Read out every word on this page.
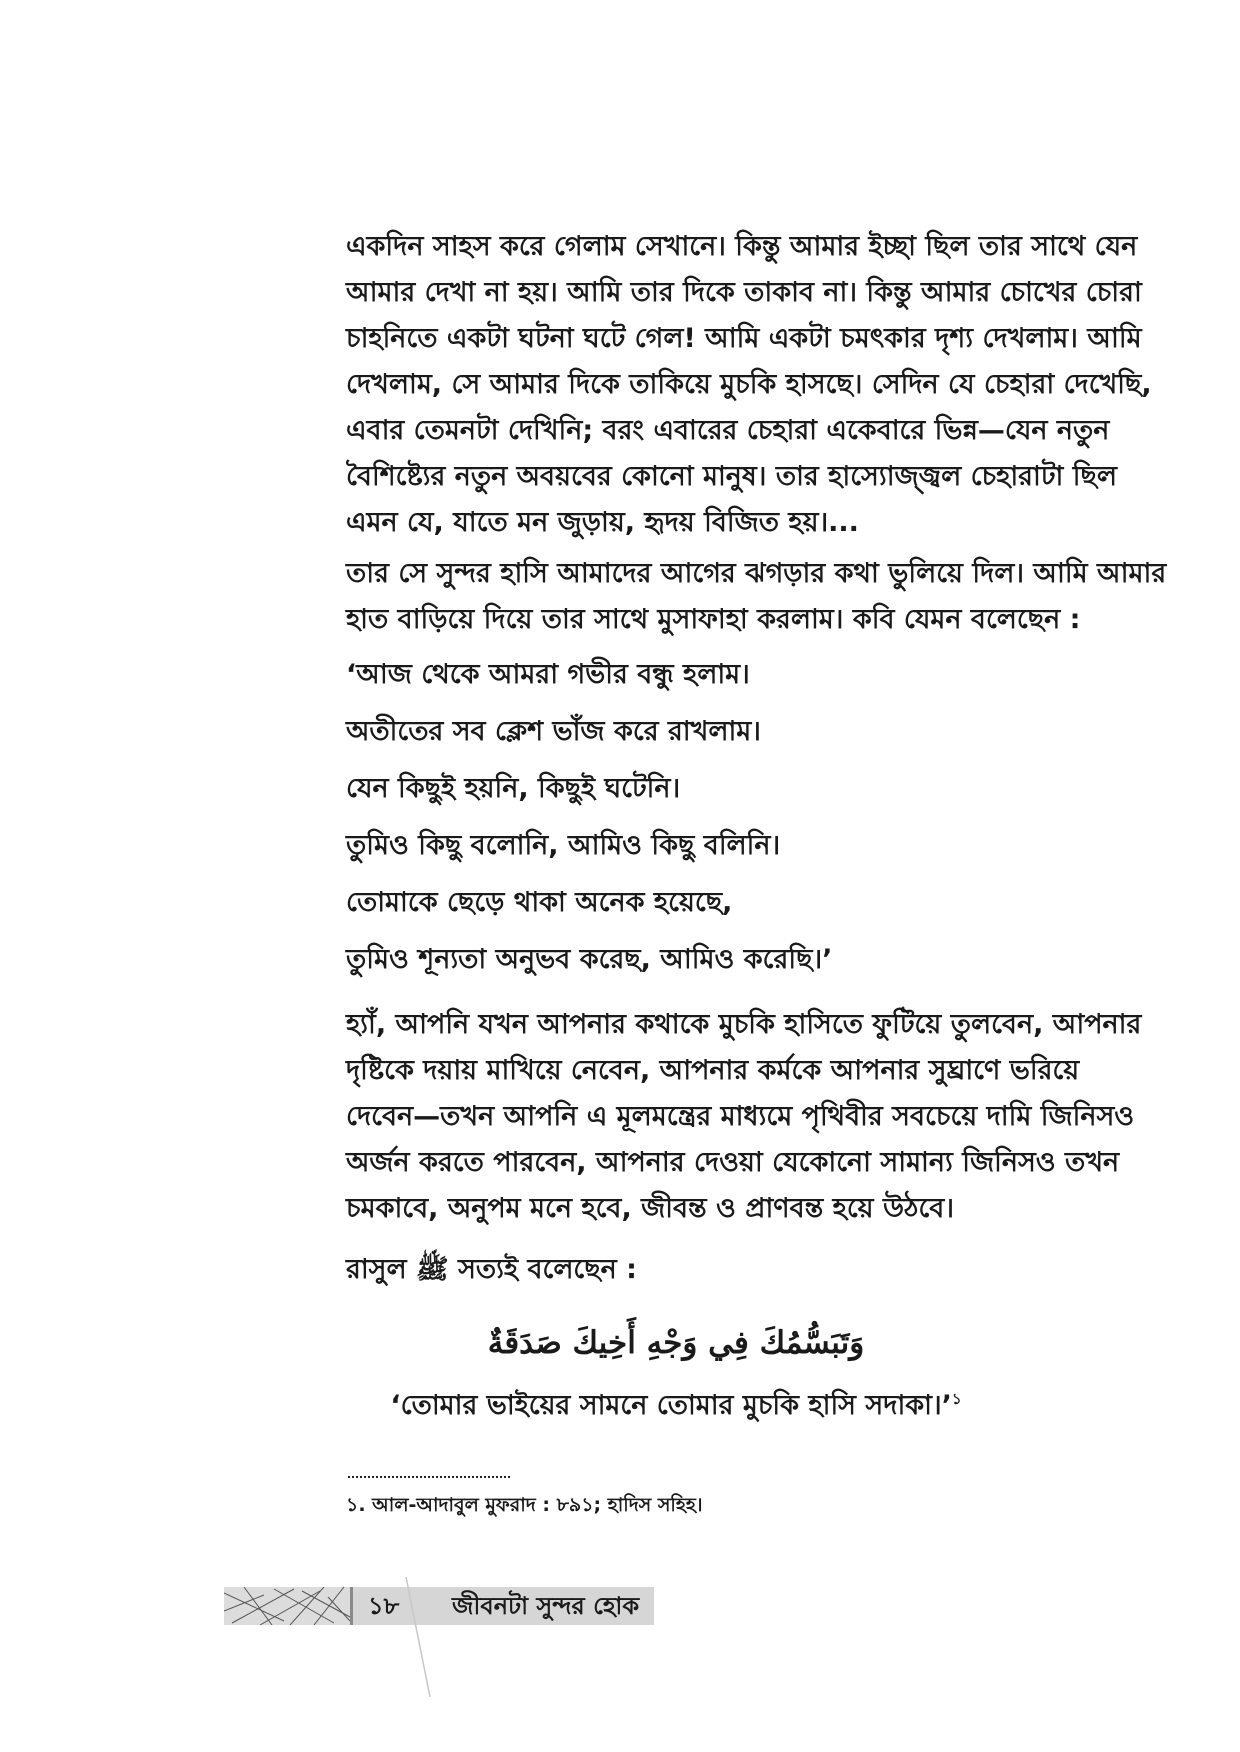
একদিন সাহস করে গেলাম সেখানে। কিন্তু আমার ইচ্ছা ছিল তার সাথে যেন
আমার দেখা না হয়। আমি তার দিকে তাকাব না। কিন্তু আমার চোখের চোরা
চাহনিতে একটা ঘটনা ঘটে গেল! আমি একটা চমৎকার দৃশ্য দেখলাম। আমি
দেখলাম, সে আমার দিকে তাকিয়ে মুচকি হাসছে। সেদিন যে চেহারা দেখেছি,
এবার তেমনটা দেখিনি; বরং এবারের চেহারা একেবারে ভিন্ন—যেন নতুন
বৈশিষ্ট্যের নতুন অবয়বের কোনো মানুষ। তার হাস্যোজ্জ্বল চেহারাটা ছিল
এমন যে, যাতে মন জুড়ায়, হৃদয় বিজিত হয়।...
তার সে সুন্দর হাসি আমাদের আগের ঝগড়ার কথা ভুলিয়ে দিল। আমি আমার
হাত বাড়িয়ে দিয়ে তার সাথে মুসাফাহা করলাম। কবি যেমন বলেছেন :
‘আজ থেকে আমরা গভীর বন্ধু হলাম।
অতীতের সব ক্লেশ ভাঁজ করে রাখলাম।
যেন কিছুই হয়নি, কিছুই ঘটেনি।
তুমিও কিছু বলোনি, আমিও কিছু বলিনি।
তোমাকে ছেড়ে থাকা অনেক হয়েছে,
তুমিও শূন্যতা অনুভব করেছ, আমিও করেছি।’
হ্যাঁ, আপনি যখন আপনার কথাকে মুচকি হাসিতে ফুটিয়ে তুলবেন, আপনার
দৃষ্টিকে দয়ায় মাখিয়ে নেবেন, আপনার কর্মকে আপনার সুঘ্রাণে ভরিয়ে
দেবেন—তখন আপনি এ মূলমন্ত্রের মাধ্যমে পৃথিবীর সবচেয়ে দামি জিনিসও
অর্জন করতে পারবেন, আপনার দেওয়া যেকোনো সামান্য জিনিসও তখন
চমকাবে, অনুপম মনে হবে, জীবন্ত ও প্রাণবন্ত হয়ে উঠবে।
রাসুল ﷺ সত্যই বলেছেন :
وَتَبَسُّمُكَ فِي وَجْهِ أَخِيكَ صَدَقَةٌ
‘তোমার ভাইয়ের সামনে তোমার মুচকি হাসি সদাকা।’$^১$
১. আল-আদাবুল মুফরাদ : ৮৯১; হাদিস সহিহ।
১৮ জীবনটা সুন্দর হোক
